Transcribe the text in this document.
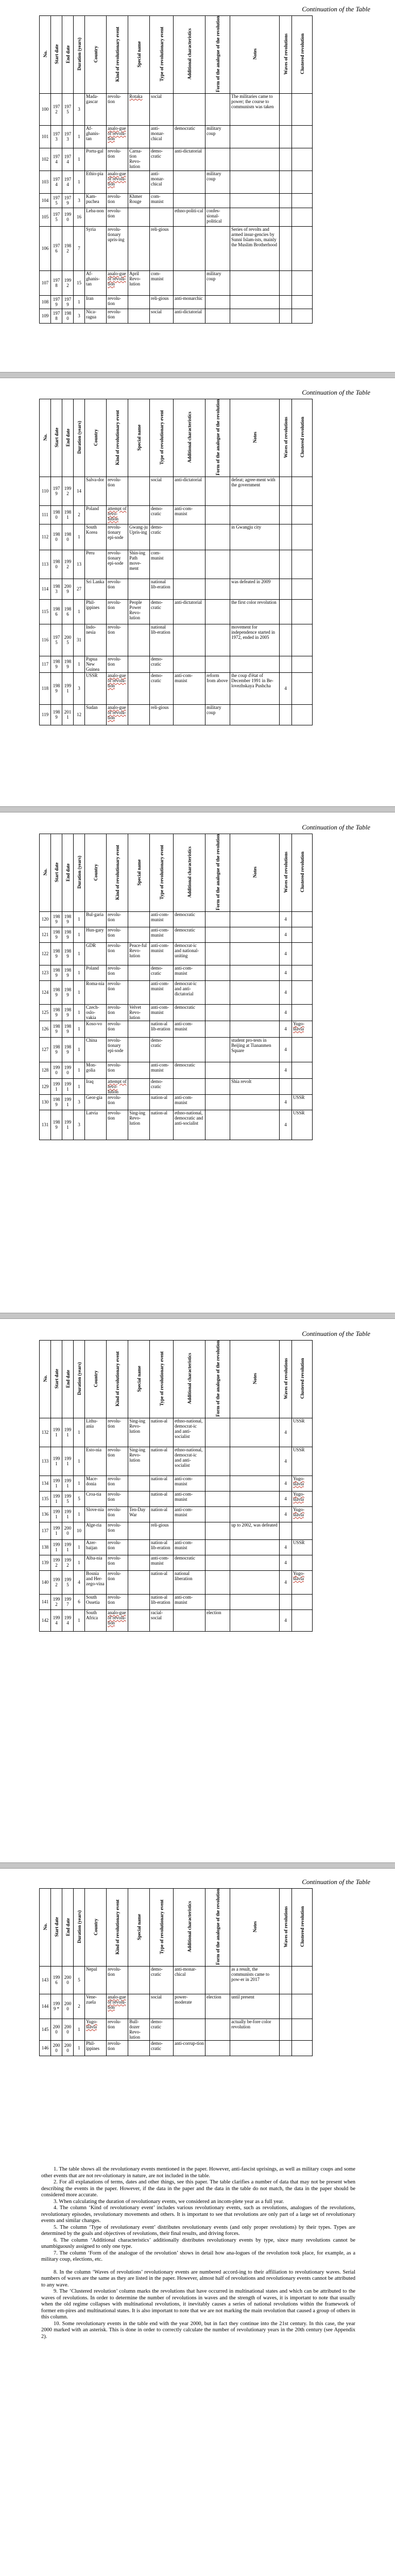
Continuation of the Table
Continuation of the Table
Continuation of the Table
Continuation of the Table
Continuation of the Table
No.	Start date	End date	Duration (years)	Country	Kind of revolutionary event	Special name	Type of revolutionary event	Additional characteristics	Form of the analogue of the revolution	Notes	Waves of revolutions	Clustered revolution
100	1972	1975	3	Mada-gascar	revolu-tion	Rotaka	social			The militaries came to power; the course to communism was taken		
101	1973	1973	1	Af-ghanis-tan	analo-gue of revolu-tion		anti-monar-chical	democratic	military coup			
102	1974	1974	1	Portu-gal	revolu-tion	Carna-tion Revo-lution	demo-cratic	anti-dictatorial				
103	1974	1974	1	Ethio-pia	analo-gue of revolu-tion		anti-monar-chical		military coup			
104	1975	1979	3	Kam-puchea	revolu-tion	Khmer Rouge	com-munist					
105	1975	1990	16	Leba-non	revolu-tion			ethno-politi-cal	confes-sional-political			
106	1976	1982	7	Syria	revolu-tionary upris-ing		reli-gious			Series of revolts and armed insur-gencies by Sunni Islam-ists, mainly the Muslim Brotherhood		
107	1978	1992	15	Af-ghanis-tan	analo-gue of revolu-tion	April Revo-lution	com-munist		military coup			
108	1979	1979	1	Iran	revolu-tion		reli-gious	anti-monarchic				
109	1978	1980	3	Nica-ragua	revolu-tion		social	anti-dictatorial				
No.	Start date	End date	Duration (years)	Country	Kind of revolutionary event	Special name	Type of revolutionary event	Additional characteristics	Form of the analogue of the revolution	Notes	Waves of revolutions	Clustered revolution
110	1979	1992	14	Salva-dor	revolu-tion		social	anti-dictatorial		defeat; agree-ment with the government		
111	1980	1981	2	Poland	attempt of revo-lution		demo-cratic	anti-com-munist				
112	1980	1980	1	South Korea	revolu-tionary epi-sode	Gwang-ju Upris-ing	demo-cratic			in Gwangju city		
113	1980	1992	13	Peru	revolu-tionary epi-sode	Shin-ing Path move-ment	com-munist					
114	1983	2009	27	Sri Lanka	revolu-tion		national lib-eration			was defeated in 2009		
115	1986	1986	1	Phil-ippines	revolu-tion	People Power Revo-lution	demo-cratic	anti-dictatorial		the first color revolution		
116	1975	2005	31	Indo-nesia	revolu-tion		national lib-eration			movement for independence started in 1972, ended in 2005		
117	1989	1989	1	Papua New Guinea	revolu-tion		demo-cratic					
118	1989	1991	3	USSR	analo-gue of revolu-tion		demo-cratic	anti-com-munist	reform from above	the coup d'état of December 1991 in Be-lovezhskaya Pushcha	4	
119	1989	2011	12	Sudan	analo-gue of revolu-tion		reli-gious		military coup			
No.	Start date	End date	Duration (years)	Country	Kind of revolutionary event	Special name	Type of revolutionary event	Additional characteristics	Form of the analogue of the revolution	Notes	Waves of revolutions	Clustered revolution
120	1989	1989	1	Bul-garia	revolu-tion		anti-com-munist	democratic			4	
121	1989	1989	1	Hun-gary	revolu-tion		anti-com-munist	democratic			4	
122	1989	1989	1	GDR	revolu-tion	Peace-ful Revo-lution	anti-com-munist	democrat-ic and national-uniting			4	
123	1989	1989	1	Poland	revolu-tion		demo-cratic	anti-com-munist			4	
124	1989	1989	1	Roma-nia	revolu-tion		anti-com-munist	democrat-ic and anti-dictatorial			4	
125	1989	1989	1	Czech-oslo-vakia	revolu-tion	Velvet Revo-lution	anti-com-munist	democratic			4	
126	1989	1989	1	Koso-vo	revolu-tion		nation-al lib-eration	anti-com-munist			4	Yugo-slavia
127	1989	1989	1	China	revolu-tionary epi-sode		demo-cratic			student pro-tests in Beijing at Tiananmen Square	4	
128	1990	1990	1	Mon-golia	revolu-tion		anti-com-munist	democratic			4	
129	1991	1991	1	Iraq	attempt of revo-lution		demo-cratic			Shia revolt		
130	1989	1991	3	Geor-gia	revolu-tion		nation-al	anti-com-munist			4	USSR
131	1989	1991	3	Latvia	revolu-tion	Sing-ing Revo-lution	nation-al	ethno-national, democratic and anti-socialist			4	USSR
No.	Start date	End date	Duration (years)	Country	Kind of revolutionary event	Special name	Type of revolutionary event	Additional characteristics	Form of the analogue of the revolution	Notes	Waves of revolutions	Clustered revolution
132	1991	1991	1	Lithu-ania	revolu-tion	Sing-ing Revo-lution	nation-al	ethno-national, democrat-ic and anti-socialist			4	USSR
133	1991	1991	1	Esto-nia	revolu-tion	Sing-ing Revo-lution	nation-al	ethno-national, democrat-ic and anti-socialist			4	USSR
134	1991	1991	1	Mace-donia	revolu-tion		nation-al	anti-com-munist			4	Yugo-slavia
135	1991	1995	5	Croa-tia	revolu-tion		nation-al	anti-com-munist			4	Yugo-slavia
136	1991	1991	1	Slove-nia	revolu-tion	Ten-Day War	nation-al	anti-com-munist			4	Yugo-slavia
137	1991	2000	10	Alge-ria	revolu-tion		reli-gious			up to 2002, was defeated		
138	1991	1991	1	Azer-baijan	revolu-tion		nation-al lib-eration	anti-com-munist			4	USSR
139	1992	1992	1	Alba-nia	revolu-tion		anti-com-munist	democratic			4	
140	1992	1995	4	Bosnia and Her-zego-vina	revolu-tion		nation-al	national liberation			4	Yugo-slavia
141	1992	1997	6	South Ossetia	revolu-tion		nation-al lib-eration	anti-com-munist				
142	1994	1994	1	South Africa	analo-gue of revolu-tion		racial-social		election		4	
No.	Start date	End date	Duration (years)	Country	Kind of revolutionary event	Special name	Type of revolutionary event	Additional characteristics	Form of the analogue of the revolution	Notes	Waves of revolutions	Clustered revolution
143	1996	2000	5	Nepal	revolu-tion		demo-cratic	anti-monar-chical		as a result, the communists came to pow-er in 2017		
144	1999 *	2000	2	Vene-zuela	analo-gue of revolu-tion		social	power-moderate	election	until present		
145	2000	2000	1	Yugo-slavia	revolu-tion	Bull-dozer Revo-lution	demo-cratic			actually be-fore color revolution		
146	2000	2000	1	Phil-ippines	revolu-tion		demo-cratic	anti-corrup-tion				

1. The table shows all the revolutionary events mentioned in the paper. However, anti-fascist uprisings, as well as military coups and some other events that are not rev-olutionary in nature, are not included in the table.

2. For all explanations of terms, dates and other things, see this paper. The table clarifies a number of data that may not be present when describing the events in the paper. However, if the data in the paper and the data in the table do not match, the data in the paper should be considered more accurate.

3. When calculating the duration of revolutionary events, we considered an incom-plete year as a full year.

4. The column ‘Kind of revolutionary event’ includes various revolutionary events, such as revolutions, analogues of the revolutions, revolutionary episodes, revolutionary movements and others. It is important to see that revolutions are only part of a large set of revolutionary events and similar changes.

5. The column ‘Type of revolutionary event’ distributes revolutionary events (and only proper revolutions) by their types. Types are determined by the goals and objectives of revolutions, their final results, and driving forces.

6. The column ‘Additional characteristics’ additionally distributes revolutionary events by type, since many revolutions cannot be unambiguously assigned to only one type.

7. The column ‘Form of the analogue of the revolution’ shows in detail how ana-logues of the revolution took place, for example, as a military coup, elections, etc.

8. In the column ‘Waves of revolutions’ revolutionary events are numbered accord-ing to their affiliation to revolutionary waves. Serial numbers of waves are the same as they are listed in the paper. However, almost half of revolutions and revolutionary events cannot be attributed to any wave.

9. The ‘Clustered revolution’ column marks the revolutions that have occurred in multinational states and which can be attributed to the waves of revolutions. In order to determine the number of revolutions in waves and the strength of waves, it is important to note that usually when the old regime collapses with multinational revolutions, it inevitably causes a series of national revolutions within the framework of former em-pires and multinational states. It is also important to note that we are not marking the main revolution that caused a group of others in this column.

10. Some revolutionary events in the table end with the year 2000, but in fact they continue into the 21st century. In this case, the year 2000 marked with an asterisk. This is done in order to correctly calculate the number of revolutionary years in the 20th century (see Appendix 2).
